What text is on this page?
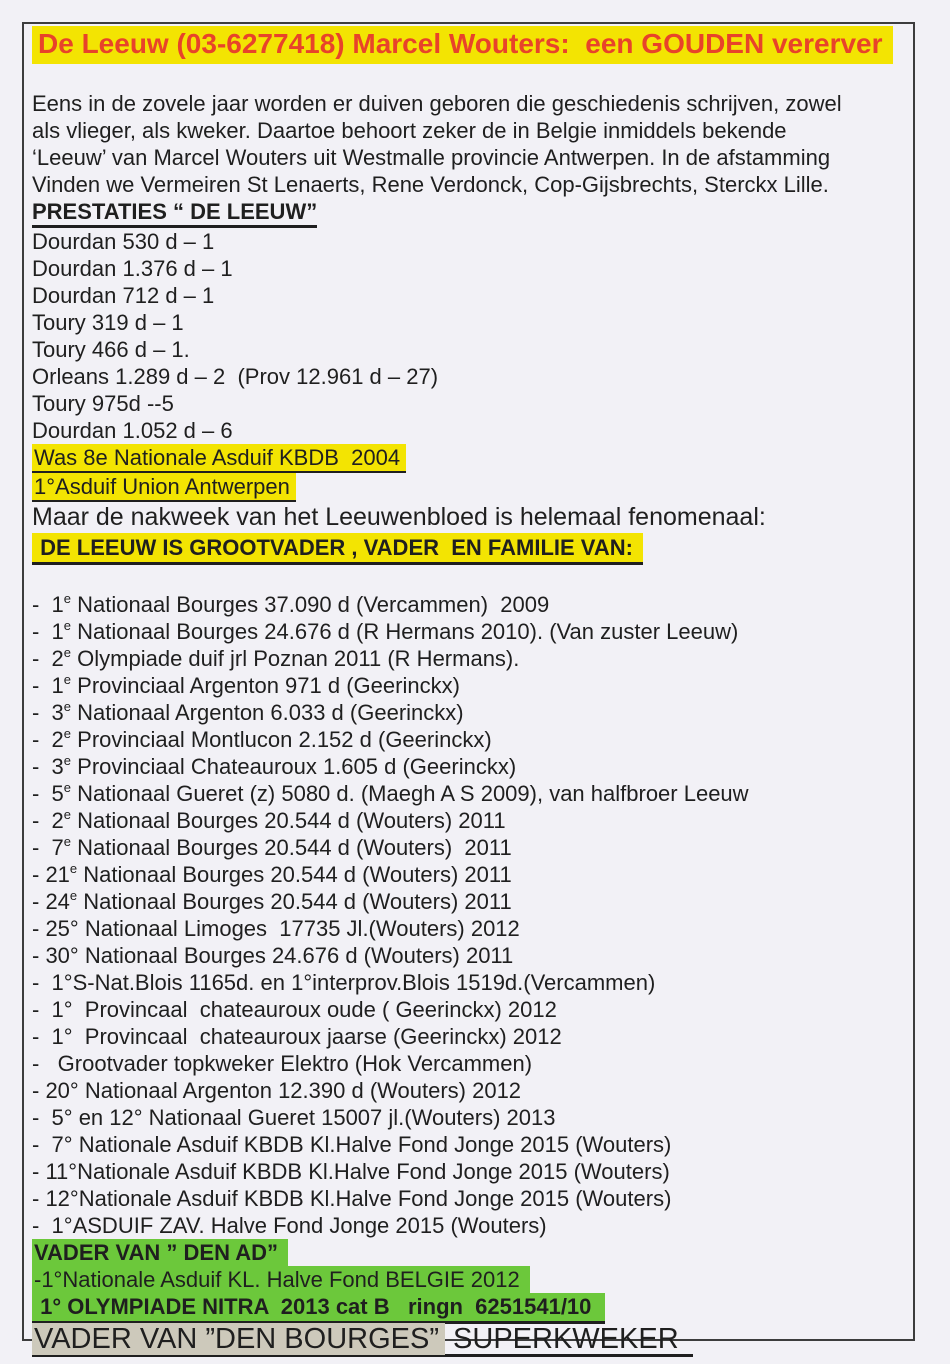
De Leeuw (03-6277418) Marcel Wouters:  een GOUDEN vererver
Eens in de zovele jaar worden er duiven geboren die geschiedenis schrijven, zowel
als vlieger, als kweker. Daartoe behoort zeker de in Belgie inmiddels bekende
‘Leeuw’ van Marcel Wouters uit Westmalle provincie Antwerpen. In de afstamming
Vinden we Vermeiren St Lenaerts, Rene Verdonck, Cop-Gijsbrechts, Sterckx Lille.
PRESTATIES “ DE LEEUW”
Dourdan 530 d – 1
Dourdan 1.376 d – 1
Dourdan 712 d – 1
Toury 319 d – 1
Toury 466 d – 1.
Orleans 1.289 d – 2  (Prov 12.961 d – 27)
Toury 975d --5
Dourdan 1.052 d – 6
Was 8e Nationale Asduif KBDB  2004
1°Asduif Union Antwerpen
Maar de nakweek van het Leeuwenbloed is helemaal fenomenaal:
DE LEEUW IS GROOTVADER , VADER  EN FAMILIE VAN:
-  1e Nationaal Bourges 37.090 d (Vercammen)  2009
-  1e Nationaal Bourges 24.676 d (R Hermans 2010). (Van zuster Leeuw)
-  2e Olympiade duif jrl Poznan 2011 (R Hermans).
-  1e Provinciaal Argenton 971 d (Geerinckx)
-  3e Nationaal Argenton 6.033 d (Geerinckx)
-  2e Provinciaal Montlucon 2.152 d (Geerinckx)
-  3e Provinciaal Chateauroux 1.605 d (Geerinckx)
-  5e Nationaal Gueret (z) 5080 d. (Maegh A S 2009), van halfbroer Leeuw
-  2e Nationaal Bourges 20.544 d (Wouters) 2011
-  7e Nationaal Bourges 20.544 d (Wouters)  2011
- 21e Nationaal Bourges 20.544 d (Wouters) 2011
- 24e Nationaal Bourges 20.544 d (Wouters) 2011
- 25° Nationaal Limoges  17735 Jl.(Wouters) 2012
- 30° Nationaal Bourges 24.676 d (Wouters) 2011
-  1°S-Nat.Blois 1165d. en 1°interprov.Blois 1519d.(Vercammen)
-  1°  Provincaal  chateauroux oude ( Geerinckx) 2012
-  1°  Provincaal  chateauroux jaarse (Geerinckx) 2012
-   Grootvader topkweker Elektro (Hok Vercammen)
- 20° Nationaal Argenton 12.390 d (Wouters) 2012
-  5° en 12° Nationaal Gueret 15007 jl.(Wouters) 2013
-  7° Nationale Asduif KBDB Kl.Halve Fond Jonge 2015 (Wouters)
- 11°Nationale Asduif KBDB Kl.Halve Fond Jonge 2015 (Wouters)
- 12°Nationale Asduif KBDB Kl.Halve Fond Jonge 2015 (Wouters)
-  1°ASDUIF ZAV. Halve Fond Jonge 2015 (Wouters)
VADER VAN ” DEN AD”
-1°Nationale Asduif KL. Halve Fond BELGIE 2012
1° OLYMPIADE NITRA  2013 cat B   ringn  6251541/10
VADER VAN ”DEN BOURGES” SUPERKWEKER
